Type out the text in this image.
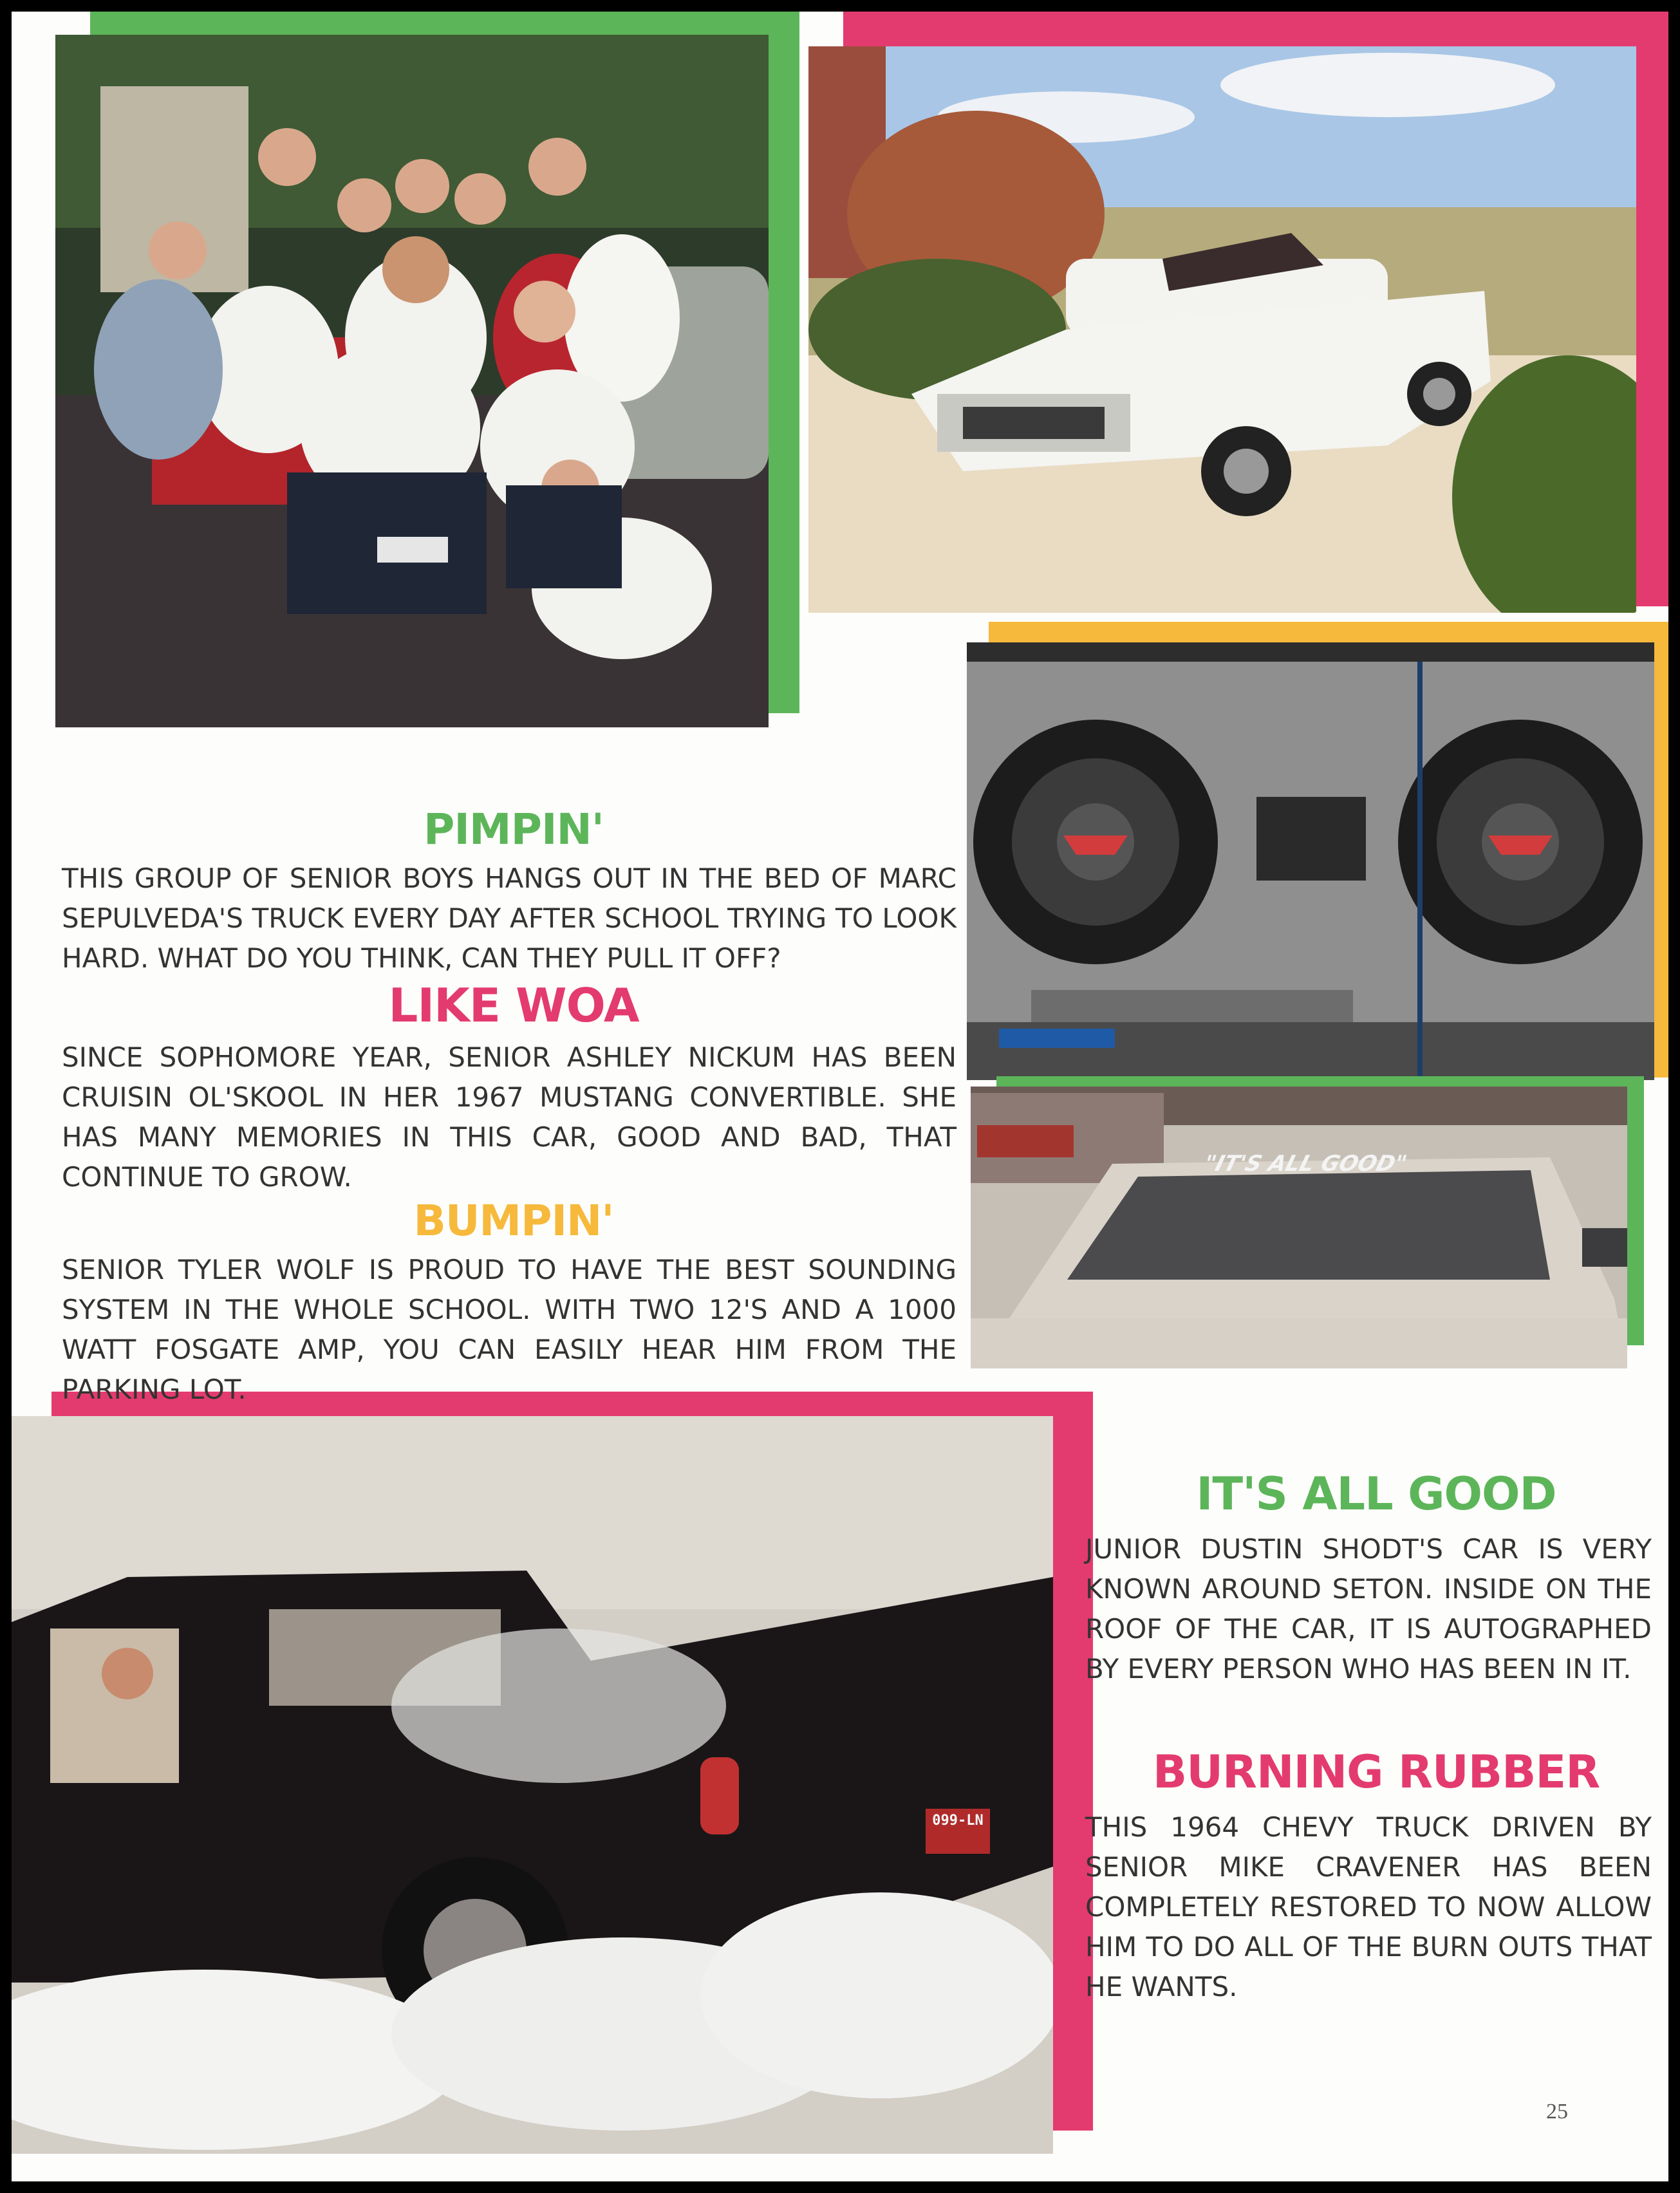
"IT'S ALL GOOD"
099-LN
PIMPIN'

THIS GROUP OF SENIOR BOYS HANGS OUT IN THE BED OF MARC SEPULVEDA'S TRUCK EVERY DAY AFTER SCHOOL TRYING TO LOOK HARD. WHAT DO YOU THINK, CAN THEY PULL IT OFF?

LIKE WOA

SINCE SOPHOMORE YEAR, SENIOR ASHLEY NICKUM HAS BEEN CRUISIN OL'SKOOL IN HER 1967 MUSTANG CONVERTIBLE. SHE HAS MANY MEMORIES IN THIS CAR, GOOD AND BAD, THAT CONTINUE TO GROW.

BUMPIN'

SENIOR TYLER WOLF IS PROUD TO HAVE THE BEST SOUNDING SYSTEM IN THE WHOLE SCHOOL. WITH TWO 12'S AND A 1000 WATT FOSGATE AMP, YOU CAN EASILY HEAR HIM FROM THE PARKING LOT.

IT'S ALL GOOD

JUNIOR DUSTIN SHODT'S CAR IS VERY KNOWN AROUND SETON. INSIDE ON THE ROOF OF THE CAR, IT IS AUTOGRAPHED BY EVERY PERSON WHO HAS BEEN IN IT.

BURNING RUBBER

THIS 1964 CHEVY TRUCK DRIVEN BY SENIOR MIKE CRAVENER HAS BEEN COMPLETELY RESTORED TO NOW ALLOW HIM TO DO ALL OF THE BURN OUTS THAT HE WANTS.

25
